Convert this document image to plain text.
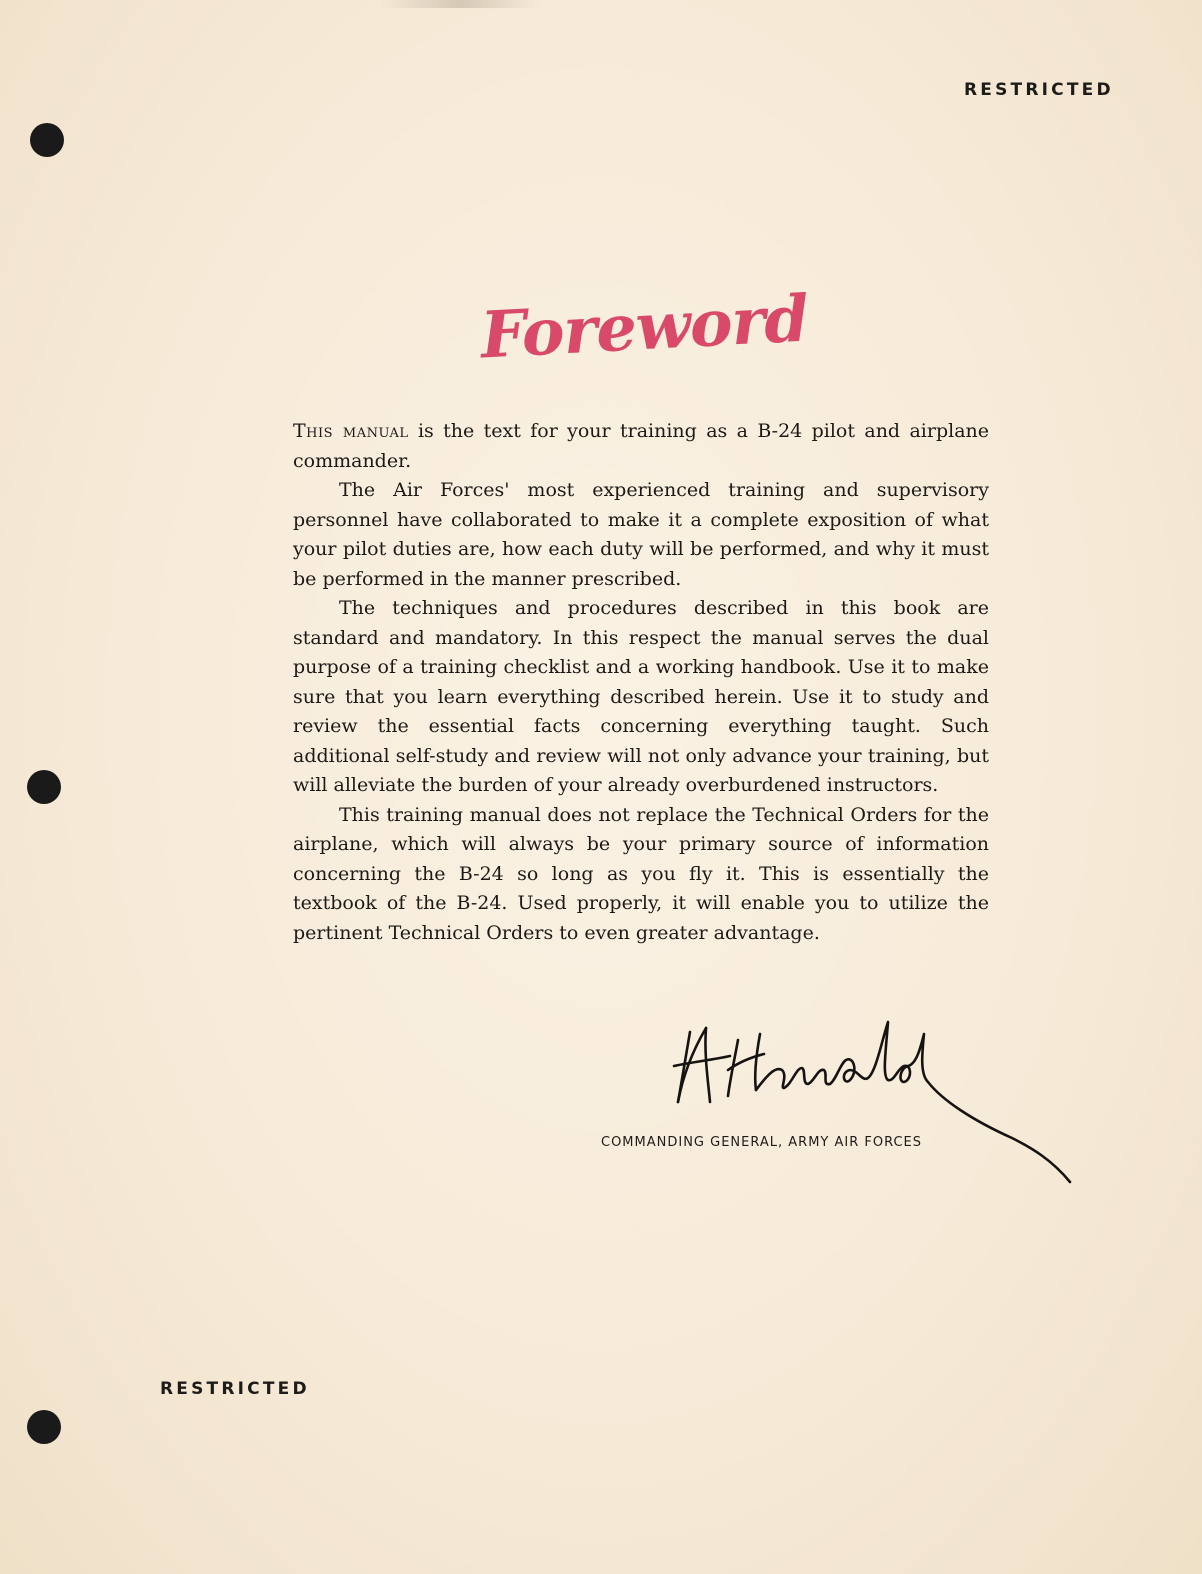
RESTRICTED
Foreword

This manual is the text for your training as a B-24 pilot and airplane commander.

The Air Forces' most experienced training and supervisory personnel have collaborated to make it a complete exposition of what your pilot duties are, how each duty will be performed, and why it must be performed in the manner prescribed.

The techniques and procedures described in this book are standard and mandatory. In this respect the manual serves the dual purpose of a training checklist and a working handbook. Use it to make sure that you learn everything described herein. Use it to study and review the essential facts concerning everything taught. Such additional self-study and review will not only advance your training, but will alleviate the burden of your already overburdened instructors.

This training manual does not replace the Technical Orders for the airplane, which will always be your primary source of information concerning the B-24 so long as you fly it. This is essentially the textbook of the B-24. Used properly, it will enable you to utilize the pertinent Technical Orders to even greater advantage.

COMMANDING GENERAL, ARMY AIR FORCES
RESTRICTED
